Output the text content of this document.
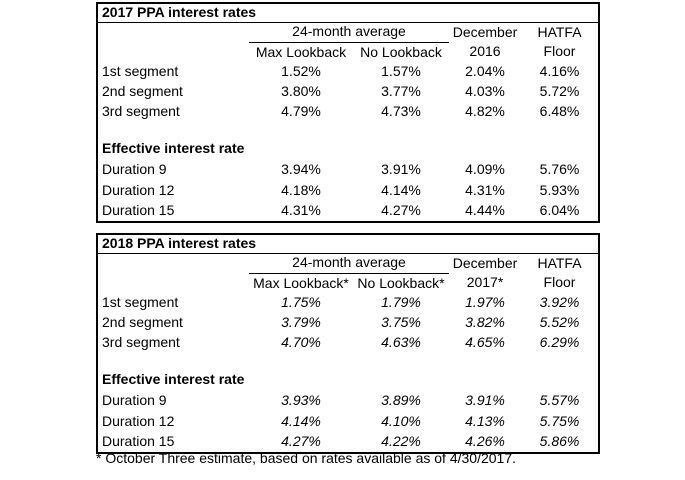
2017 PPA interest rates				
	24-month average		December	HATFA
	Max Lookback	No Lookback	2016	Floor
1st segment	1.52%	1.57%	2.04%	4.16%
2nd segment	3.80%	3.77%	4.03%	5.72%
3rd segment	4.79%	4.73%	4.82%	6.48%

Effective interest rate				
Duration 9	3.94%	3.91%	4.09%	5.76%
Duration 12	4.18%	4.14%	4.31%	5.93%
Duration 15	4.31%	4.27%	4.44%	6.04%
2018 PPA interest rates				
	24-month average		December	HATFA
	Max Lookback*	No Lookback*	2017*	Floor
1st segment	1.75%	1.79%	1.97%	3.92%
2nd segment	3.79%	3.75%	3.82%	5.52%
3rd segment	4.70%	4.63%	4.65%	6.29%

Effective interest rate				
Duration 9	3.93%	3.89%	3.91%	5.57%
Duration 12	4.14%	4.10%	4.13%	5.75%
Duration 15	4.27%	4.22%	4.26%	5.86%
* October Three estimate, based on rates available as of 4/30/2017.
